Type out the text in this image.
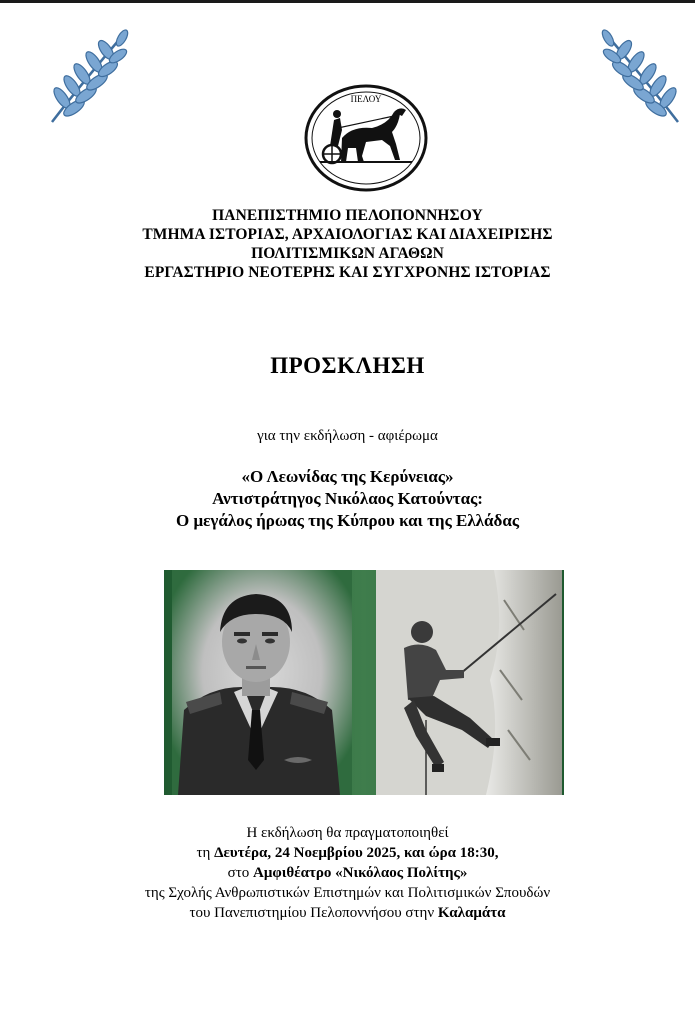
ΠΕΛΟΥ
ΠΑΝΕΠΙΣΤΗΜΙΟ ΠΕΛΟΠΟΝΝΗΣΟΥ
ΤΜΗΜΑ ΙΣΤΟΡΙΑΣ, ΑΡΧΑΙΟΛΟΓΙΑΣ ΚΑΙ ΔΙΑΧΕΙΡΙΣΗΣ
ΠΟΛΙΤΙΣΜΙΚΩΝ ΑΓΑΘΩΝ
ΕΡΓΑΣΤΗΡΙΟ ΝΕΟΤΕΡΗΣ ΚΑΙ ΣΥΓΧΡΟΝΗΣ ΙΣΤΟΡΙΑΣ
ΠΡΟΣΚΛΗΣΗ
για την εκδήλωση - αφιέρωμα
«Ο Λεωνίδας της Κερύνειας»
Αντιστράτηγος Νικόλαος Κατούντας:
Ο μεγάλος ήρωας της Κύπρου και της Ελλάδας
Η εκδήλωση θα πραγματοποιηθεί
τη Δευτέρα, 24 Νοεμβρίου 2025, και ώρα 18:30,
στο Αμφιθέατρο «Νικόλαος Πολίτης»
της Σχολής Ανθρωπιστικών Επιστημών και Πολιτισμικών Σπουδών
του Πανεπιστημίου Πελοποννήσου στην Καλαμάτα
